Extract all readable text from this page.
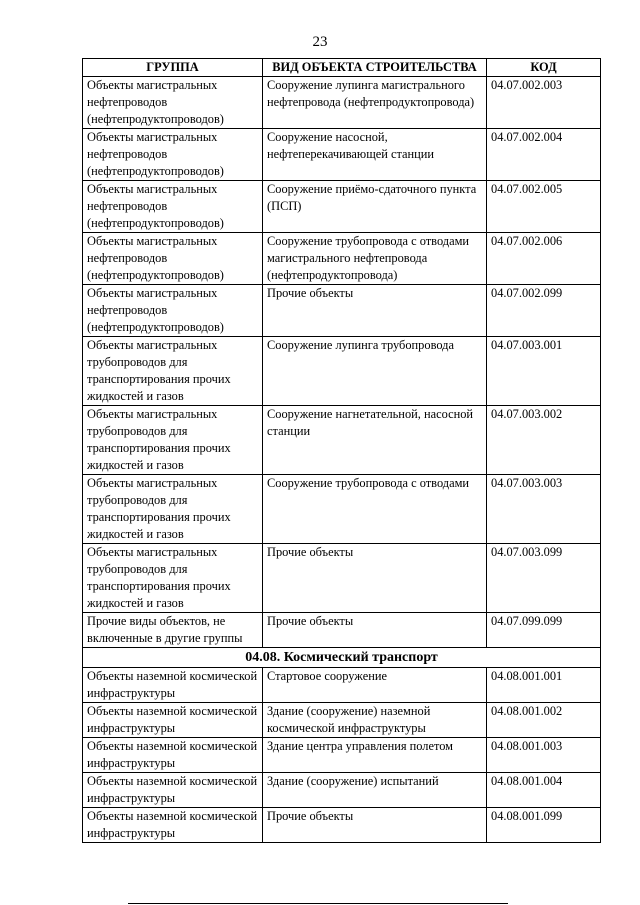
23
ГРУППА	ВИД ОБЪЕКТА СТРОИТЕЛЬСТВА	КОД
Объекты магистральных нефтепроводов (нефтепродуктопроводов)	Сооружение лупинга магистрального нефтепровода (нефтепродуктопровода)	04.07.002.003
Объекты магистральных нефтепроводов (нефтепродуктопроводов)	Сооружение насосной, нефтеперекачивающей станции	04.07.002.004
Объекты магистральных нефтепроводов (нефтепродуктопроводов)	Сооружение приёмо-сдаточного пункта (ПСП)	04.07.002.005
Объекты магистральных нефтепроводов (нефтепродуктопроводов)	Сооружение трубопровода с отводами магистрального нефтепровода (нефтепродуктопровода)	04.07.002.006
Объекты магистральных нефтепроводов (нефтепродуктопроводов)	Прочие объекты	04.07.002.099
Объекты магистральных трубопроводов для транспортирования прочих жидкостей и газов	Сооружение лупинга трубопровода	04.07.003.001
Объекты магистральных трубопроводов для транспортирования прочих жидкостей и газов	Сооружение нагнетательной, насосной станции	04.07.003.002
Объекты магистральных трубопроводов для транспортирования прочих жидкостей и газов	Сооружение трубопровода с отводами	04.07.003.003
Объекты магистральных трубопроводов для транспортирования прочих жидкостей и газов	Прочие объекты	04.07.003.099
Прочие виды объектов, не включенные в другие группы	Прочие объекты	04.07.099.099
04.08. Космический транспорт		
Объекты наземной космической инфраструктуры	Стартовое сооружение	04.08.001.001
Объекты наземной космической инфраструктуры	Здание (сооружение) наземной космической инфраструктуры	04.08.001.002
Объекты наземной космической инфраструктуры	Здание центра управления полетом	04.08.001.003
Объекты наземной космической инфраструктуры	Здание (сооружение) испытаний	04.08.001.004
Объекты наземной космической инфраструктуры	Прочие объекты	04.08.001.099
